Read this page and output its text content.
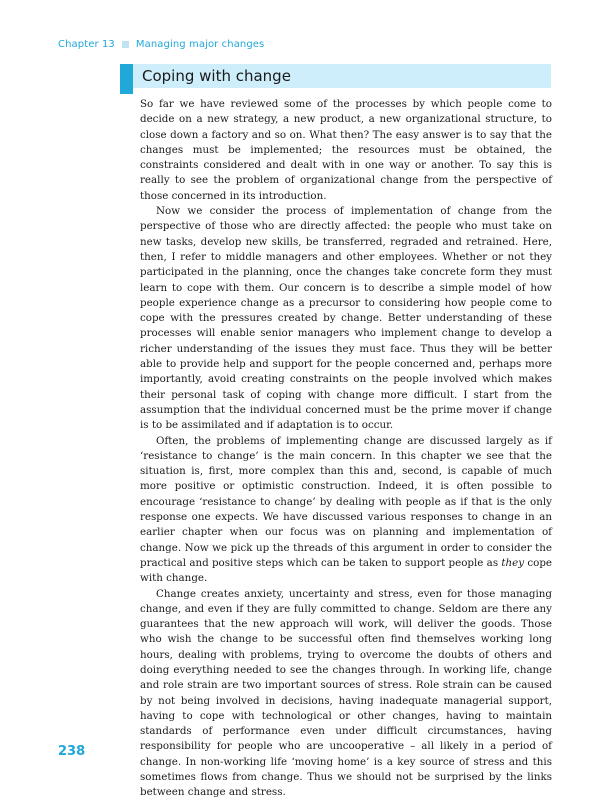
Chapter 13 Managing major changes
Coping with change

So far we have reviewed some of the processes by which people come to decide on a new strategy, a new product, a new organizational structure, to close down a factory and so on. What then? The easy answer is to say that the changes must be implemented; the resources must be obtained, the constraints considered and dealt with in one way or another. To say this is really to see the problem of organizational change from the perspective of those concerned in its introduction.

Now we consider the process of implementation of change from the perspective of those who are directly affected: the people who must take on new tasks, develop new skills, be transferred, regraded and retrained. Here, then, I refer to middle managers and other employees. Whether or not they participated in the planning, once the changes take concrete form they must learn to cope with them. Our concern is to describe a simple model of how people experience change as a precursor to considering how people come to cope with the pressures created by change. Better understanding of these processes will enable senior managers who implement change to develop a richer understanding of the issues they must face. Thus they will be better able to provide help and support for the people concerned and, perhaps more importantly, avoid creating constraints on the people involved which makes their personal task of coping with change more difficult. I start from the assumption that the individual concerned must be the prime mover if change is to be assimilated and if adaptation is to occur.

Often, the problems of implementing change are discussed largely as if ‘resistance to change’ is the main concern. In this chapter we see that the situation is, first, more complex than this and, second, is capable of much more positive or optimistic construction. Indeed, it is often possible to encourage ‘resistance to change’ by dealing with people as if that is the only response one expects. We have discussed various responses to change in an earlier chapter when our focus was on planning and implementation of change. Now we pick up the threads of this argument in order to consider the practical and positive steps which can be taken to support people as they cope with change.

Change creates anxiety, uncertainty and stress, even for those managing change, and even if they are fully committed to change. Seldom are there any guarantees that the new approach will work, will deliver the goods. Those who wish the change to be successful often find themselves working long hours, dealing with problems, trying to overcome the doubts of others and doing everything needed to see the changes through. In working life, change and role strain are two important sources of stress. Role strain can be caused by not being involved in decisions, having inadequate managerial support, having to cope with technological or other changes, having to maintain standards of performance even under difficult circumstances, having responsibility for people who are uncooperative – all likely in a period of change. In non-working life ‘moving home’ is a key source of stress and this sometimes flows from change. Thus we should not be surprised by the links between change and stress.

238
